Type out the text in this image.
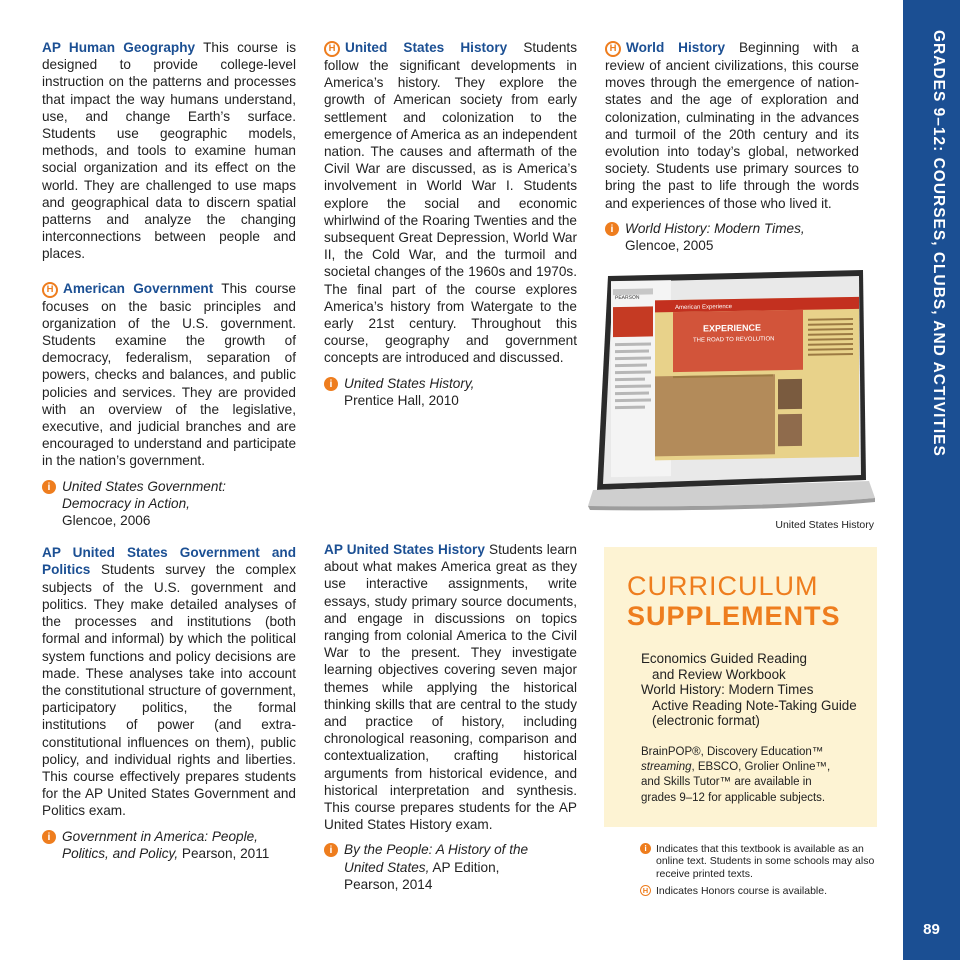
AP Human Geography This course is designed to provide college-level instruction on the patterns and processes that impact the way humans understand, use, and change Earth’s surface. Students use geographic models, methods, and tools to examine human social organization and its effect on the world. They are challenged to use maps and geographical data to discern spatial patterns and analyze the changing interconnections between people and places.

H American Government This course focuses on the basic principles and organization of the U.S. government. Students examine the growth of democracy, federalism, separation of powers, checks and balances, and public policies and services. They are provided with an overview of the legislative, executive, and judicial branches and are encouraged to understand and participate in the nation’s government.

i United States Government:
Democracy in Action,
Glencoe, 2006

AP United States Government and Politics Students survey the complex subjects of the U.S. government and politics. They make detailed analyses of the processes and institutions (both formal and informal) by which the political system functions and policy decisions are made. These analyses take into account the constitutional structure of government, participatory politics, the formal institutions of power (and extra-constitutional influences on them), public policy, and individual rights and liberties. This course effectively prepares students for the AP United States Government and Politics exam.

i Government in America: People,
Politics, and Policy, Pearson, 2011

H United States History Students follow the significant developments in America’s history. They explore the growth of American society from early settlement and colonization to the emergence of America as an independent nation. The causes and aftermath of the Civil War are discussed, as is America’s involvement in World War I. Students explore the social and economic whirlwind of the Roaring Twenties and the subsequent Great Depression, World War II, the Cold War, and the turmoil and societal changes of the 1960s and 1970s. The final part of the course explores America’s history from Watergate to the early 21st century. Throughout this course, geography and government concepts are introduced and discussed.

i United States History,
Prentice Hall, 2010

AP United States History Students learn about what makes America great as they use interactive assignments, write essays, study primary source documents, and engage in discussions on topics ranging from colonial America to the Civil War to the present. They investigate learning objectives covering seven major themes while applying the historical thinking skills that are central to the study and practice of history, including chronological reasoning, comparison and contextualization, crafting historical arguments from historical evidence, and historical interpretation and synthesis. This course prepares students for the AP United States History exam.

i By the People: A History of the
United States, AP Edition,
Pearson, 2014

H World History Beginning with a review of ancient civilizations, this course moves through the emergence of nation-states and the age of exploration and colonization, culminating in the advances and turmoil of the 20th century and its evolution into today’s global, networked society. Students use primary sources to bring the past to life through the words and experiences of those who lived it.

i World History: Modern Times,
Glencoe, 2005
PEARSON
American Experience
EXPERIENCE
THE ROAD TO REVOLUTION
United States History
CURRICULUM
SUPPLEMENTS
Economics Guided Reading
and Review Workbook
World History: Modern Times
Active Reading Note-Taking Guide
(electronic format)
BrainPOP®, Discovery Education™
streaming, EBSCO, Grolier Online™,
and Skills Tutor™ are available in
grades 9–12 for applicable subjects.
i Indicates that this textbook is available as an online text. Students in some schools may also receive printed texts.
H Indicates Honors course is available.
GRADES 9–12: COURSES, CLUBS, AND ACTIVITIES
89
